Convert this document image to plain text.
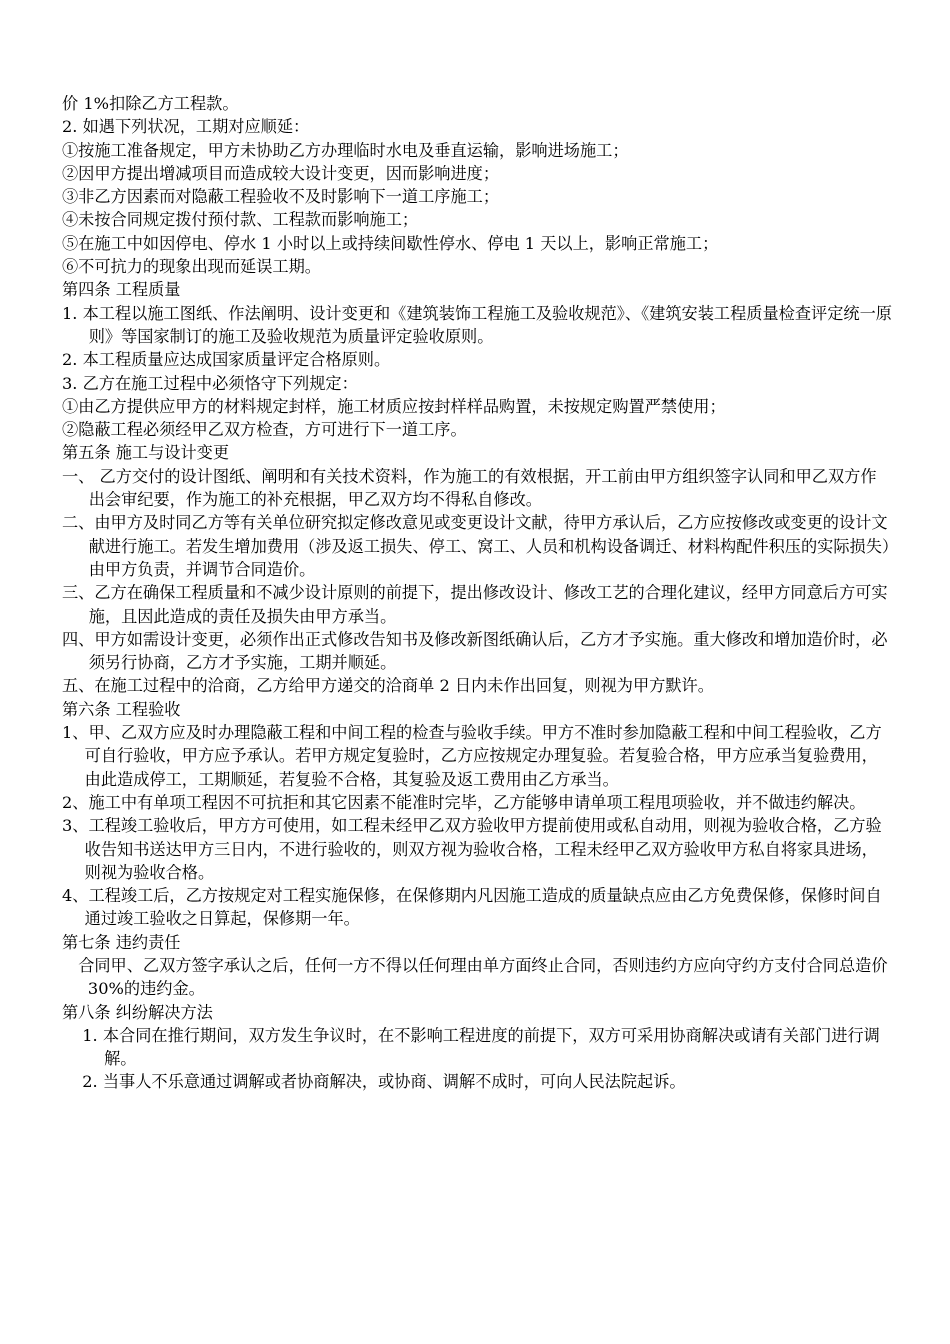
价 1%扣除乙方工程款。

2. 如遇下列状况，工期对应顺延：

①按施工准备规定，甲方未协助乙方办理临时水电及垂直运输，影响进场施工；

②因甲方提出增减项目而造成较大设计变更，因而影响进度；

③非乙方因素而对隐蔽工程验收不及时影响下一道工序施工；

④未按合同规定拨付预付款、工程款而影响施工；

⑤在施工中如因停电、停水 1 小时以上或持续间歇性停水、停电 1 天以上，影响正常施工；

⑥不可抗力的现象出现而延误工期。

第四条 工程质量

1. 本工程以施工图纸、作法阐明、设计变更和《建筑装饰工程施工及验收规范》、《建筑安装工程质量检查评定统一原则》等国家制订的施工及验收规范为质量评定验收原则。

2. 本工程质量应达成国家质量评定合格原则。

3. 乙方在施工过程中必须恪守下列规定：

①由乙方提供应甲方的材料规定封样，施工材质应按封样样品购置，未按规定购置严禁使用；

②隐蔽工程必须经甲乙双方检查，方可进行下一道工序。

第五条 施工与设计变更

一、 乙方交付的设计图纸、阐明和有关技术资料，作为施工的有效根据，开工前由甲方组织签字认同和甲乙双方作出会审纪要，作为施工的补充根据，甲乙双方均不得私自修改。

二、由甲方及时同乙方等有关单位研究拟定修改意见或变更设计文献，待甲方承认后，乙方应按修改或变更的设计文献进行施工。若发生增加费用（涉及返工损失、停工、窝工、人员和机构设备调迁、材料构配件积压的实际损失）由甲方负责，并调节合同造价。

三、乙方在确保工程质量和不减少设计原则的前提下，提出修改设计、修改工艺的合理化建议，经甲方同意后方可实施，且因此造成的责任及损失由甲方承当。

四、甲方如需设计变更，必须作出正式修改告知书及修改新图纸确认后，乙方才予实施。重大修改和增加造价时，必须另行协商，乙方才予实施，工期并顺延。

五、在施工过程中的洽商，乙方给甲方递交的洽商单 2 日内未作出回复，则视为甲方默许。

第六条 工程验收

1、甲、乙双方应及时办理隐蔽工程和中间工程的检查与验收手续。甲方不准时参加隐蔽工程和中间工程验收，乙方可自行验收，甲方应予承认。若甲方规定复验时，乙方应按规定办理复验。若复验合格，甲方应承当复验费用，由此造成停工，工期顺延，若复验不合格，其复验及返工费用由乙方承当。

2、施工中有单项工程因不可抗拒和其它因素不能准时完毕，乙方能够申请单项工程甩项验收，并不做违约解决。

3、工程竣工验收后，甲方方可使用，如工程未经甲乙双方验收甲方提前使用或私自动用，则视为验收合格，乙方验收告知书送达甲方三日内，不进行验收的，则双方视为验收合格，工程未经甲乙双方验收甲方私自将家具进场，则视为验收合格。

4、工程竣工后，乙方按规定对工程实施保修，在保修期内凡因施工造成的质量缺点应由乙方免费保修，保修时间自通过竣工验收之日算起，保修期一年。

第七条 违约责任

合同甲、乙双方签字承认之后，任何一方不得以任何理由单方面终止合同，否则违约方应向守约方支付合同总造价 30%的违约金。

第八条 纠纷解决方法

1. 本合同在推行期间，双方发生争议时，在不影响工程进度的前提下，双方可采用协商解决或请有关部门进行调解。

2. 当事人不乐意通过调解或者协商解决，或协商、调解不成时，可向人民法院起诉。
